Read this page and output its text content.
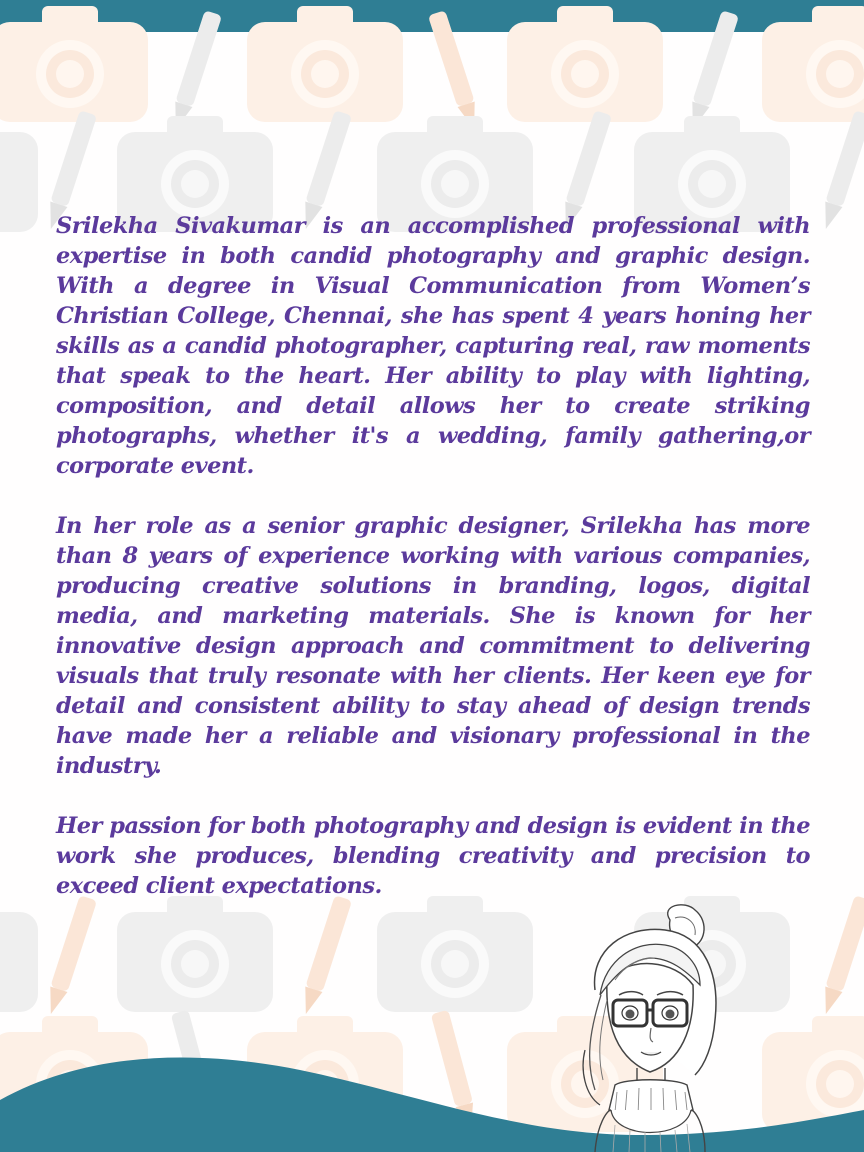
Srilekha Sivakumar is an accomplished professional with expertise in both candid photography and graphic design. With a degree in Visual Communication from Women’s Christian College, Chennai, she has spent 4 years honing her skills as a candid photographer, capturing real, raw moments that speak to the heart. Her ability to play with lighting, composition, and detail allows her to create striking photographs, whether it's a wedding, family gathering,or corporate event.

In her role as a senior graphic designer, Srilekha has more than 8 years of experience working with various companies, producing creative solutions in branding, logos, digital media, and marketing materials. She is known for her innovative design approach and commitment to delivering visuals that truly resonate with her clients. Her keen eye for detail and consistent ability to stay ahead of design trends have made her a reliable and visionary professional in the industry.

Her passion for both photography and design is evident in the work she produces, blending creativity and precision to exceed client expectations.
